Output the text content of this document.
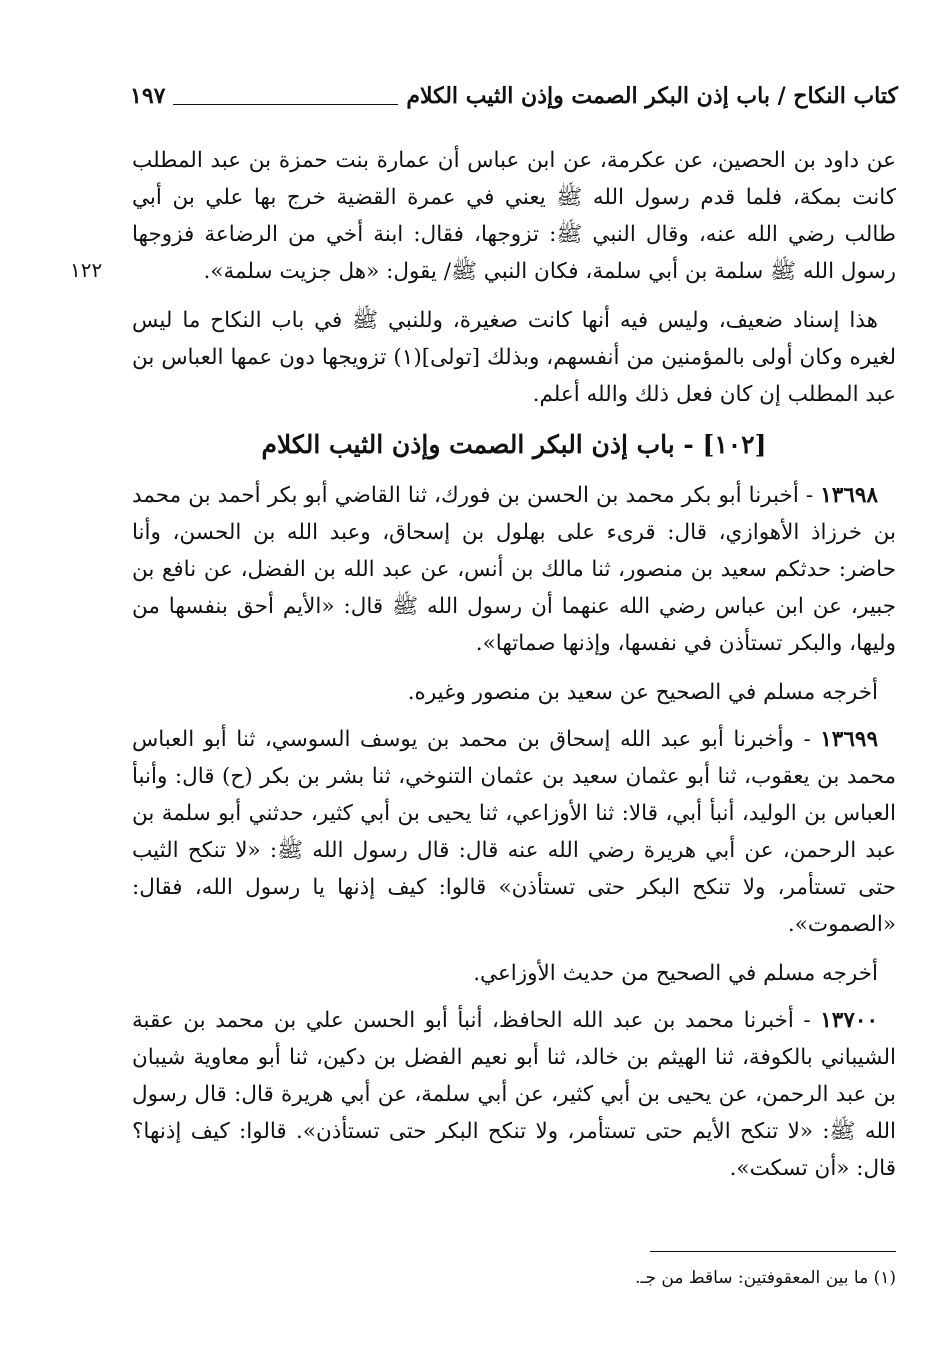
كتاب النكاح / باب إذن البكر الصمت وإذن الثيب الكلام
١٩٧
١٢٢

عن داود بن الحصين، عن عكرمة، عن ابن عباس أن عمارة بنت حمزة بن عبد المطلب كانت بمكة، فلما قدم رسول الله ﷺ يعني في عمرة القضية خرج بها علي بن أبي طالب رضي الله عنه، وقال النبي ﷺ: تزوجها، فقال: ابنة أخي من الرضاعة فزوجها رسول الله ﷺ سلمة بن أبي سلمة، فكان النبي ﷺ/ يقول: «هل جزيت سلمة».

هذا إسناد ضعيف، وليس فيه أنها كانت صغيرة، وللنبي ﷺ في باب النكاح ما ليس لغيره وكان أولى بالمؤمنين من أنفسهم، وبذلك [تولى](١) تزويجها دون عمها العباس بن عبد المطلب إن كان فعل ذلك والله أعلم.

[١٠٢] - باب إذن البكر الصمت وإذن الثيب الكلام

١٣٦٩٨ - أخبرنا أبو بكر محمد بن الحسن بن فورك، ثنا القاضي أبو بكر أحمد بن محمد بن خرزاذ الأهوازي، قال: قرىء على بهلول بن إسحاق، وعبد الله بن الحسن، وأنا حاضر: حدثكم سعيد بن منصور، ثنا مالك بن أنس، عن عبد الله بن الفضل، عن نافع بن جبير، عن ابن عباس رضي الله عنهما أن رسول الله ﷺ قال: «الأيم أحق بنفسها من وليها، والبكر تستأذن في نفسها، وإذنها صماتها».

أخرجه مسلم في الصحيح عن سعيد بن منصور وغيره.

١٣٦٩٩ - وأخبرنا أبو عبد الله إسحاق بن محمد بن يوسف السوسي، ثنا أبو العباس محمد بن يعقوب، ثنا أبو عثمان سعيد بن عثمان التنوخي، ثنا بشر بن بكر (ح) قال: وأنبأ العباس بن الوليد، أنبأ أبي، قالا: ثنا الأوزاعي، ثنا يحيى بن أبي كثير، حدثني أبو سلمة بن عبد الرحمن، عن أبي هريرة رضي الله عنه قال: قال رسول الله ﷺ: «لا تنكح الثيب حتى تستأمر، ولا تنكح البكر حتى تستأذن» قالوا: كيف إذنها يا رسول الله، فقال: «الصموت».

أخرجه مسلم في الصحيح من حديث الأوزاعي.

١٣٧٠٠ - أخبرنا محمد بن عبد الله الحافظ، أنبأ أبو الحسن علي بن محمد بن عقبة الشيباني بالكوفة، ثنا الهيثم بن خالد، ثنا أبو نعيم الفضل بن دكين، ثنا أبو معاوية شيبان بن عبد الرحمن، عن يحيى بن أبي كثير، عن أبي سلمة، عن أبي هريرة قال: قال رسول الله ﷺ: «لا تنكح الأيم حتى تستأمر، ولا تنكح البكر حتى تستأذن». قالوا: كيف إذنها؟ قال: «أن تسكت».

(١) ما بين المعقوفتين: ساقط من جـ.
